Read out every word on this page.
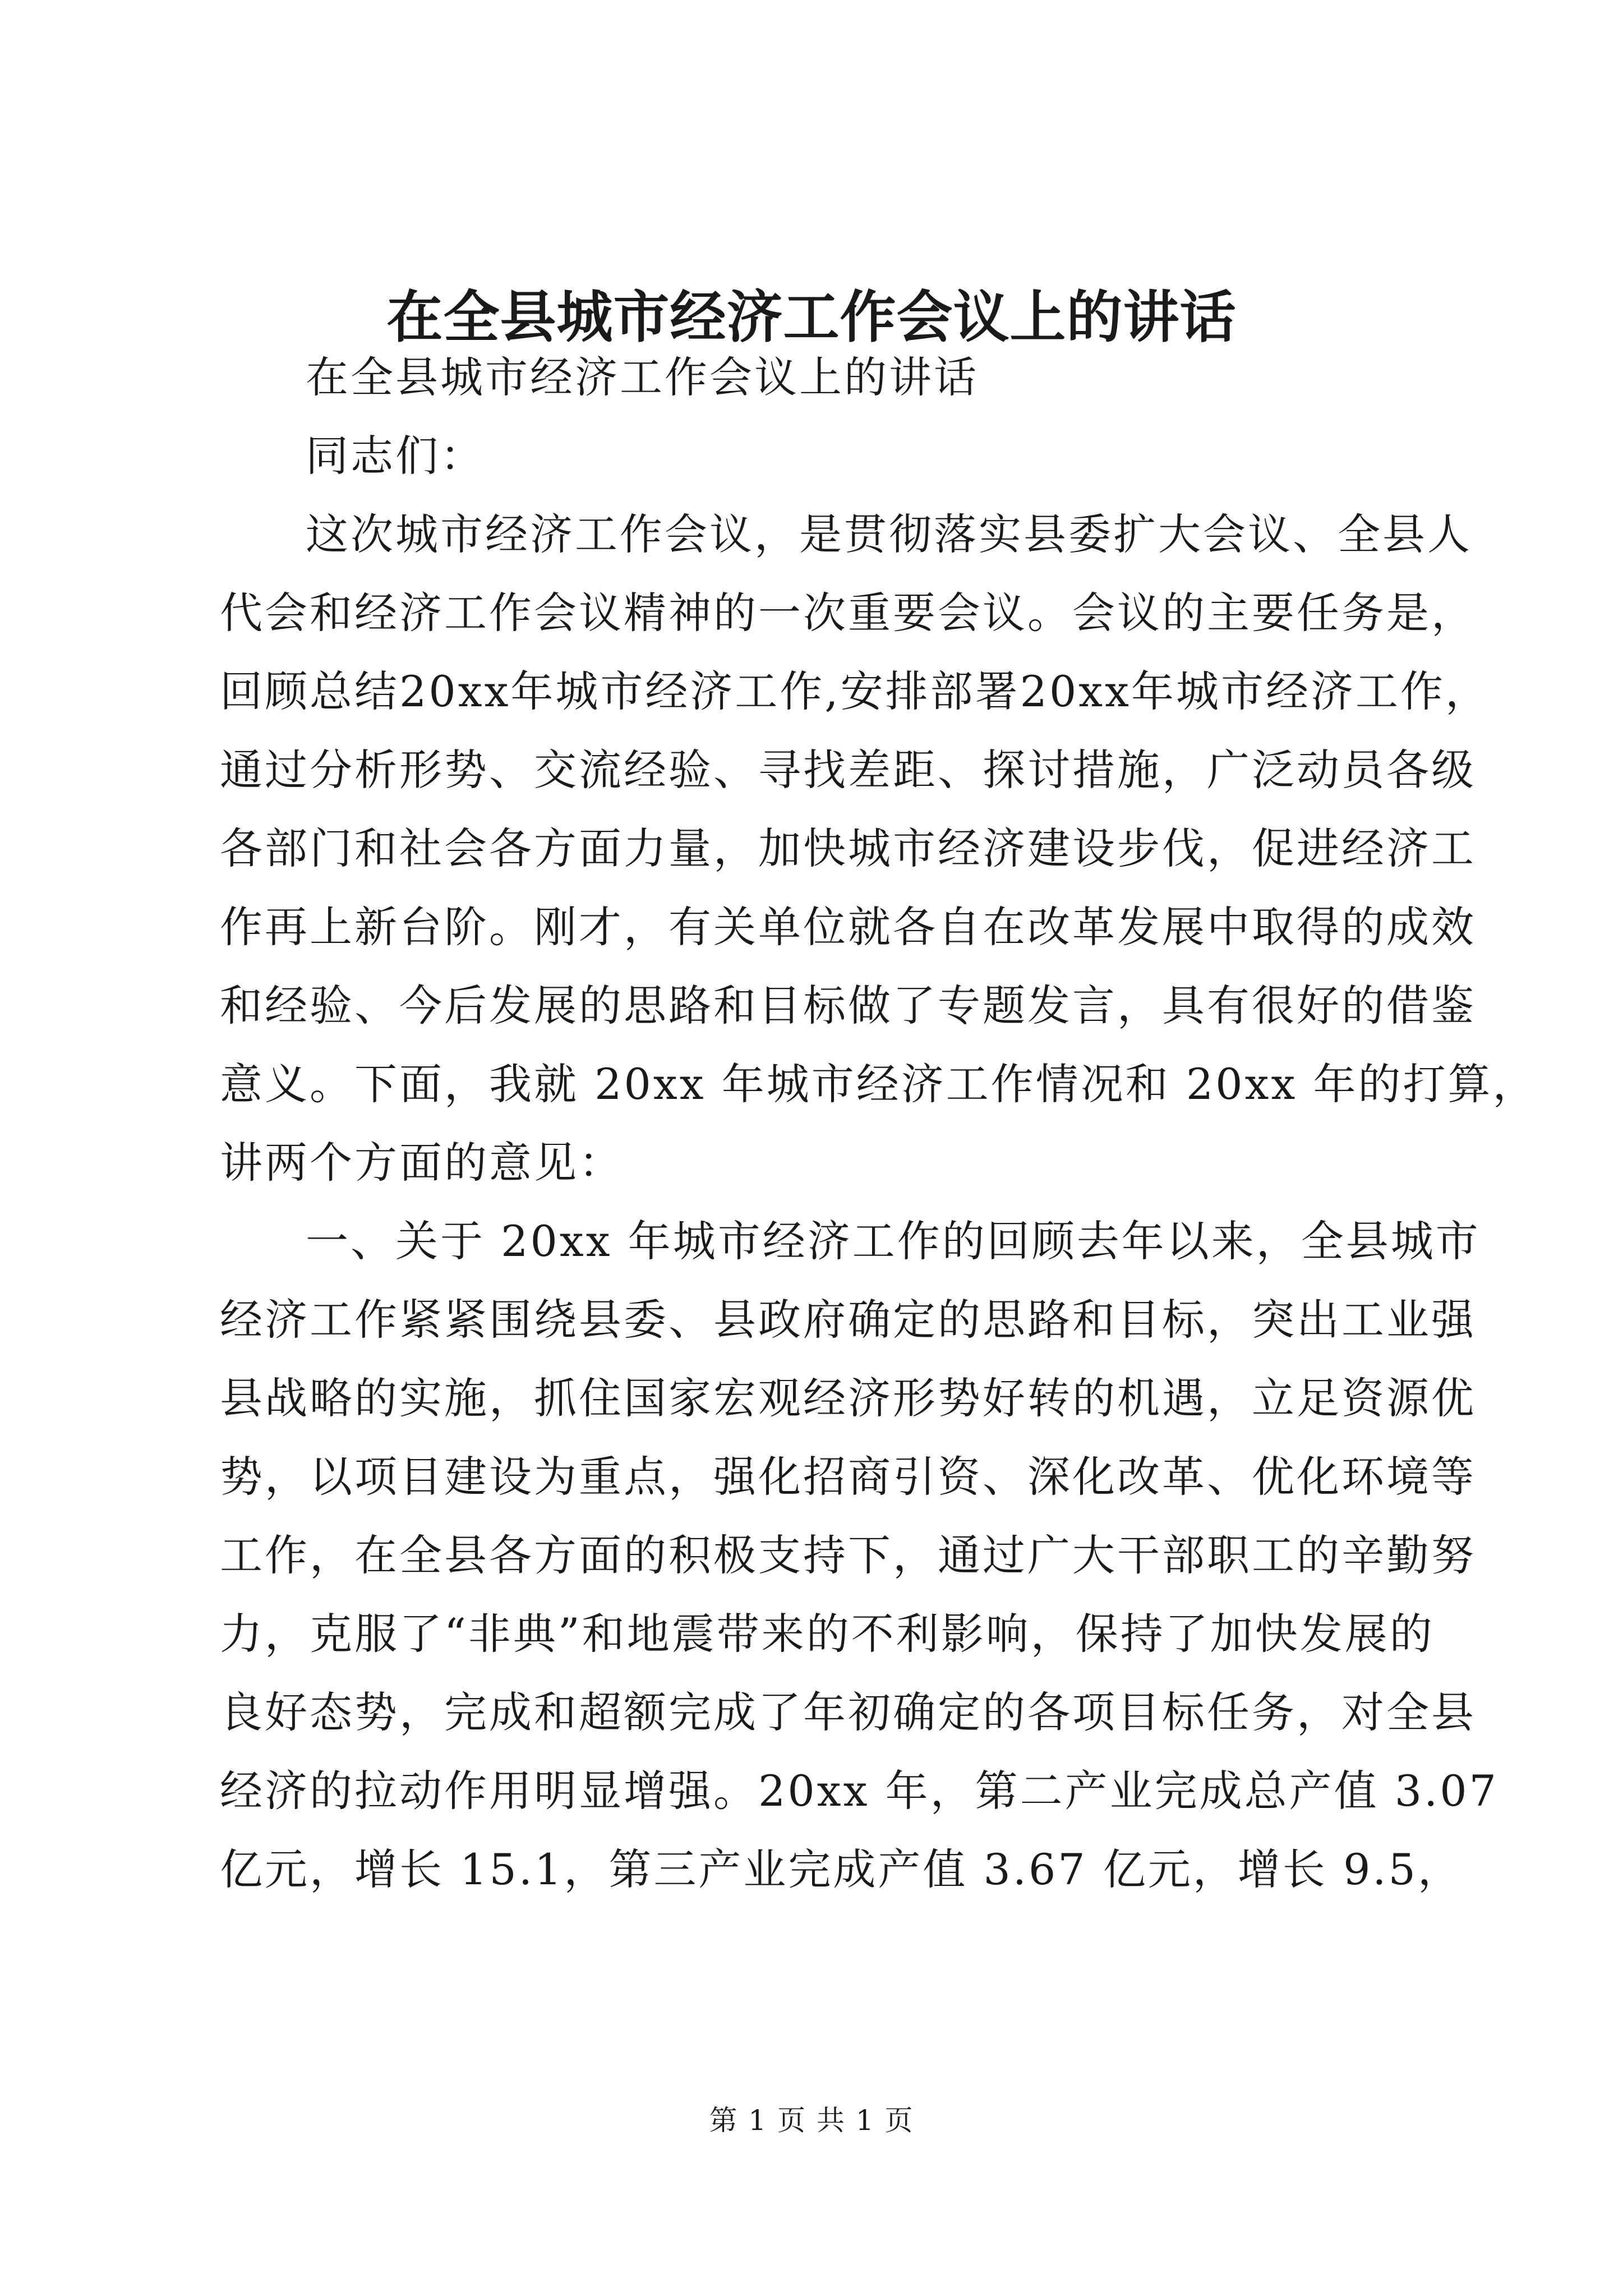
在全县城市经济工作会议上的讲话
在全县城市经济工作会议上的讲话
同志们：
这次城市经济工作会议，是贯彻落实县委扩大会议、全县人
代会和经济工作会议精神的一次重要会议。会议的主要任务是，
回顾总结20xx年城市经济工作,安排部署20xx年城市经济工作，
通过分析形势、交流经验、寻找差距、探讨措施，广泛动员各级
各部门和社会各方面力量，加快城市经济建设步伐，促进经济工
作再上新台阶。刚才，有关单位就各自在改革发展中取得的成效
和经验、今后发展的思路和目标做了专题发言，具有很好的借鉴
意义。下面，我就 20xx 年城市经济工作情况和 20xx 年的打算，
讲两个方面的意见：
一、关于 20xx 年城市经济工作的回顾去年以来，全县城市
经济工作紧紧围绕县委、县政府确定的思路和目标，突出工业强
县战略的实施，抓住国家宏观经济形势好转的机遇，立足资源优
势，以项目建设为重点，强化招商引资、深化改革、优化环境等
工作，在全县各方面的积极支持下，通过广大干部职工的辛勤努
力，克服了“非典”和地震带来的不利影响，保持了加快发展的
良好态势，完成和超额完成了年初确定的各项目标任务，对全县
经济的拉动作用明显增强。20xx 年，第二产业完成总产值 3.07
亿元，增长 15.1，第三产业完成产值 3.67 亿元，增长 9.5，
第 1 页 共 1 页
